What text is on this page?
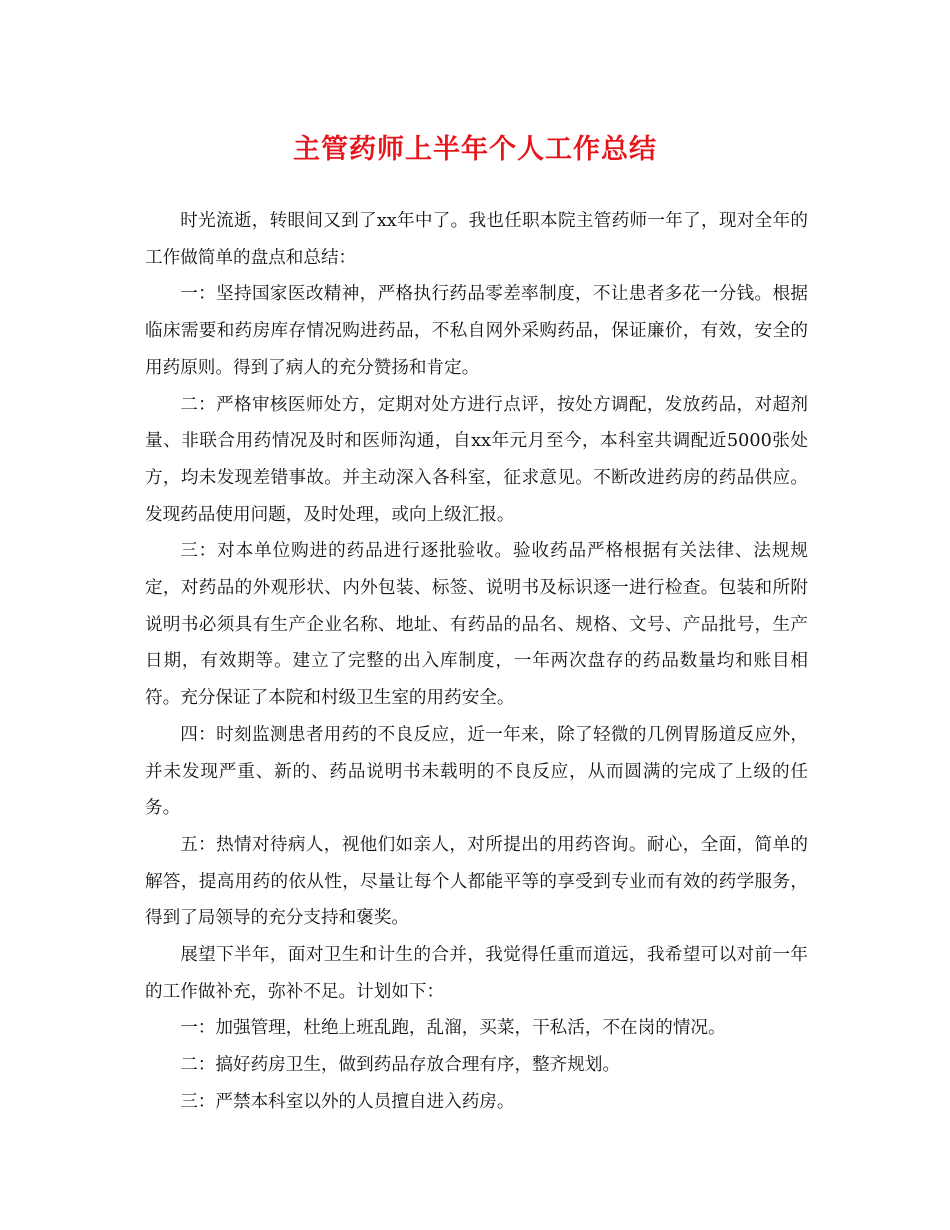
主管药师上半年个人工作总结

时光流逝，转眼间又到了xx年中了。我也任职本院主管药师一年了，现对全年的工作做简单的盘点和总结：

一：坚持国家医改精神，严格执行药品零差率制度，不让患者多花一分钱。根据临床需要和药房库存情况购进药品，不私自网外采购药品，保证廉价，有效，安全的用药原则。得到了病人的充分赞扬和肯定。

二：严格审核医师处方，定期对处方进行点评，按处方调配，发放药品，对超剂量、非联合用药情况及时和医师沟通，自xx年元月至今，本科室共调配近5000张处方，均未发现差错事故。并主动深入各科室，征求意见。不断改进药房的药品供应。发现药品使用问题，及时处理，或向上级汇报。

三：对本单位购进的药品进行逐批验收。验收药品严格根据有关法律、法规规定，对药品的外观形状、内外包装、标签、说明书及标识逐一进行检查。包装和所附说明书必须具有生产企业名称、地址、有药品的品名、规格、文号、产品批号，生产日期，有效期等。建立了完整的出入库制度，一年两次盘存的药品数量均和账目相符。充分保证了本院和村级卫生室的用药安全。

四：时刻监测患者用药的不良反应，近一年来，除了轻微的几例胃肠道反应外，并未发现严重、新的、药品说明书未载明的不良反应，从而圆满的完成了上级的任务。

五：热情对待病人，视他们如亲人，对所提出的用药咨询。耐心，全面，简单的解答，提高用药的依从性，尽量让每个人都能平等的享受到专业而有效的药学服务，得到了局领导的充分支持和褒奖。

展望下半年，面对卫生和计生的合并，我觉得任重而道远，我希望可以对前一年的工作做补充，弥补不足。计划如下：

一：加强管理，杜绝上班乱跑，乱溜，买菜，干私活，不在岗的情况。

二：搞好药房卫生，做到药品存放合理有序，整齐规划。

三：严禁本科室以外的人员擅自进入药房。
